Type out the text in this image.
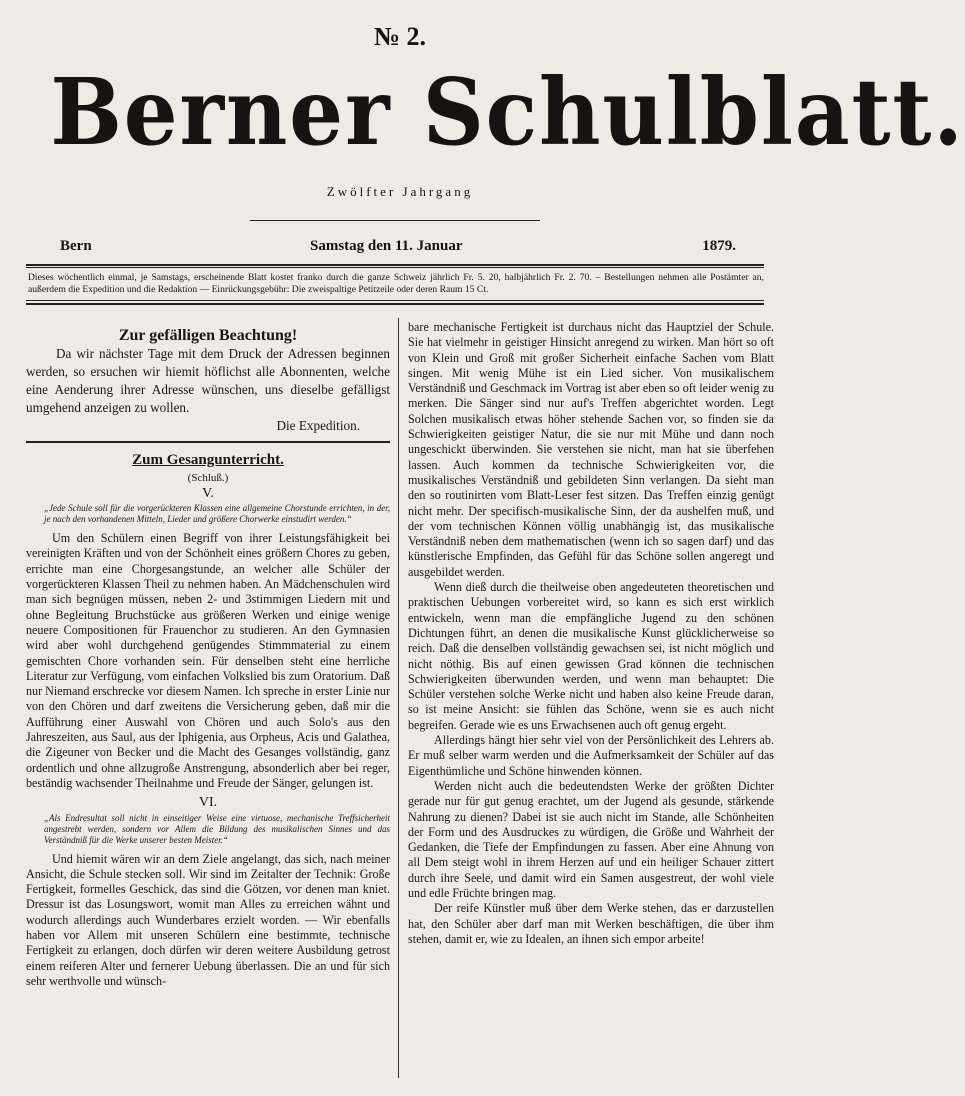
№ 2.
Berner Schulblatt.
Zwölfter Jahrgang
Bern	Samstag den 11. Januar	1879.
Dieses wöchentlich einmal, je Samstags, erscheinende Blatt kostet franko durch die ganze Schweiz jährlich Fr. 5. 20, halbjährlich Fr. 2. 70. – Bestellungen nehmen alle Postämter an, außerdem die Expedition und die Redaktion — Einrückungsgebühr: Die zweispaltige Petitzeile oder deren Raum 15 Ct.
Zur gefälligen Beachtung!

Da wir nächster Tage mit dem Druck der Adressen beginnen werden, so ersuchen wir hiemit höflichst alle Abonnenten, welche eine Aenderung ihrer Adresse wünschen, uns dieselbe gefälligst umgehend anzeigen zu wollen.

Die Expedition.
Zum Gesangunterricht.
(Schluß.)
V.

„Jede Schule soll für die vorgerückteren Klassen eine allgemeine Chorstunde errichten, in der, je nach den vorhandenen Mitteln, Lieder und größere Chorwerke einstudirt werden.“

Um den Schülern einen Begriff von ihrer Leistungsfähigkeit bei vereinigten Kräften und von der Schönheit eines größern Chores zu geben, errichte man eine Chorgesangstunde, an welcher alle Schüler der vorgerückteren Klassen Theil zu nehmen haben. An Mädchenschulen wird man sich begnügen müssen, neben 2- und 3stimmigen Liedern mit und ohne Begleitung Bruchstücke aus größeren Werken und einige wenige neuere Compositionen für Frauenchor zu studieren. An den Gymnasien wird aber wohl durchgehend genügendes Stimmmaterial zu einem gemischten Chore vorhanden sein. Für denselben steht eine herrliche Literatur zur Verfügung, vom einfachen Volkslied bis zum Oratorium. Daß nur Niemand erschrecke vor diesem Namen. Ich spreche in erster Linie nur von den Chören und darf zweitens die Versicherung geben, daß mir die Aufführung einer Auswahl von Chören und auch Solo's aus den Jahreszeiten, aus Saul, aus der Iphigenia, aus Orpheus, Acis und Galathea, die Zigeuner von Becker und die Macht des Gesanges vollständig, ganz ordentlich und ohne allzugroße Anstrengung, absonderlich aber bei reger, beständig wachsender Theilnahme und Freude der Sänger, gelungen ist.

VI.

„Als Endresultat soll nicht in einseitiger Weise eine virtuose, mechanische Treffsicherheit angestrebt werden, sondern vor Allem die Bildung des musikalischen Sinnes und das Verständniß für die Werke unserer besten Meister.“

Und hiemit wären wir an dem Ziele angelangt, das sich, nach meiner Ansicht, die Schule stecken soll. Wir sind im Zeitalter der Technik: Große Fertigkeit, formelles Geschick, das sind die Götzen, vor denen man kniet. Dressur ist das Losungswort, womit man Alles zu erreichen wähnt und wodurch allerdings auch Wunderbares erzielt worden. — Wir ebenfalls haben vor Allem mit unseren Schülern eine bestimmte, technische Fertigkeit zu erlangen, doch dürfen wir deren weitere Ausbildung getrost einem reiferen Alter und fernerer Uebung überlassen. Die an und für sich sehr werthvolle und wünsch-

bare mechanische Fertigkeit ist durchaus nicht das Hauptziel der Schule. Sie hat vielmehr in geistiger Hinsicht anregend zu wirken. Man hört so oft von Klein und Groß mit großer Sicherheit einfache Sachen vom Blatt singen. Mit wenig Mühe ist ein Lied sicher. Von musikalischem Verständniß und Geschmack im Vortrag ist aber eben so oft leider wenig zu merken. Die Sänger sind nur auf's Treffen abgerichtet worden. Legt Solchen musikalisch etwas höher stehende Sachen vor, so finden sie da Schwierigkeiten geistiger Natur, die sie nur mit Mühe und dann noch ungeschickt überwinden. Sie verstehen sie nicht, man hat sie überfehen lassen. Auch kommen da technische Schwierigkeiten vor, die musikalisches Verständniß und gebildeten Sinn verlangen. Da sieht man den so routinirten vom Blatt-Leser fest sitzen. Das Treffen einzig genügt nicht mehr. Der specifisch-musikalische Sinn, der da aushelfen muß, und der vom technischen Können völlig unabhängig ist, das musikalische Verständniß neben dem mathematischen (wenn ich so sagen darf) und das künstlerische Empfinden, das Gefühl für das Schöne sollen angeregt und ausgebildet werden.

Wenn dieß durch die theilweise oben angedeuteten theoretischen und praktischen Uebungen vorbereitet wird, so kann es sich erst wirklich entwickeln, wenn man die empfängliche Jugend zu den schönen Dichtungen führt, an denen die musikalische Kunst glücklicherweise so reich. Daß die denselben vollständig gewachsen sei, ist nicht möglich und nicht nöthig. Bis auf einen gewissen Grad können die technischen Schwierigkeiten überwunden werden, und wenn man behauptet: Die Schüler verstehen solche Werke nicht und haben also keine Freude daran, so ist meine Ansicht: sie fühlen das Schöne, wenn sie es auch nicht begreifen. Gerade wie es uns Erwachsenen auch oft genug ergeht.

Allerdings hängt hier sehr viel von der Persönlichkeit des Lehrers ab. Er muß selber warm werden und die Aufmerksamkeit der Schüler auf das Eigenthümliche und Schöne hinwenden können.

Werden nicht auch die bedeutendsten Werke der größten Dichter gerade nur für gut genug erachtet, um der Jugend als gesunde, stärkende Nahrung zu dienen? Dabei ist sie auch nicht im Stande, alle Schönheiten der Form und des Ausdruckes zu würdigen, die Größe und Wahrheit der Gedanken, die Tiefe der Empfindungen zu fassen. Aber eine Ahnung von all Dem steigt wohl in ihrem Herzen auf und ein heiliger Schauer zittert durch ihre Seele, und damit wird ein Samen ausgestreut, der wohl viele und edle Früchte bringen mag.

Der reife Künstler muß über dem Werke stehen, das er darzustellen hat, den Schüler aber darf man mit Werken beschäftigen, die über ihm stehen, damit er, wie zu Idealen, an ihnen sich empor arbeite!
